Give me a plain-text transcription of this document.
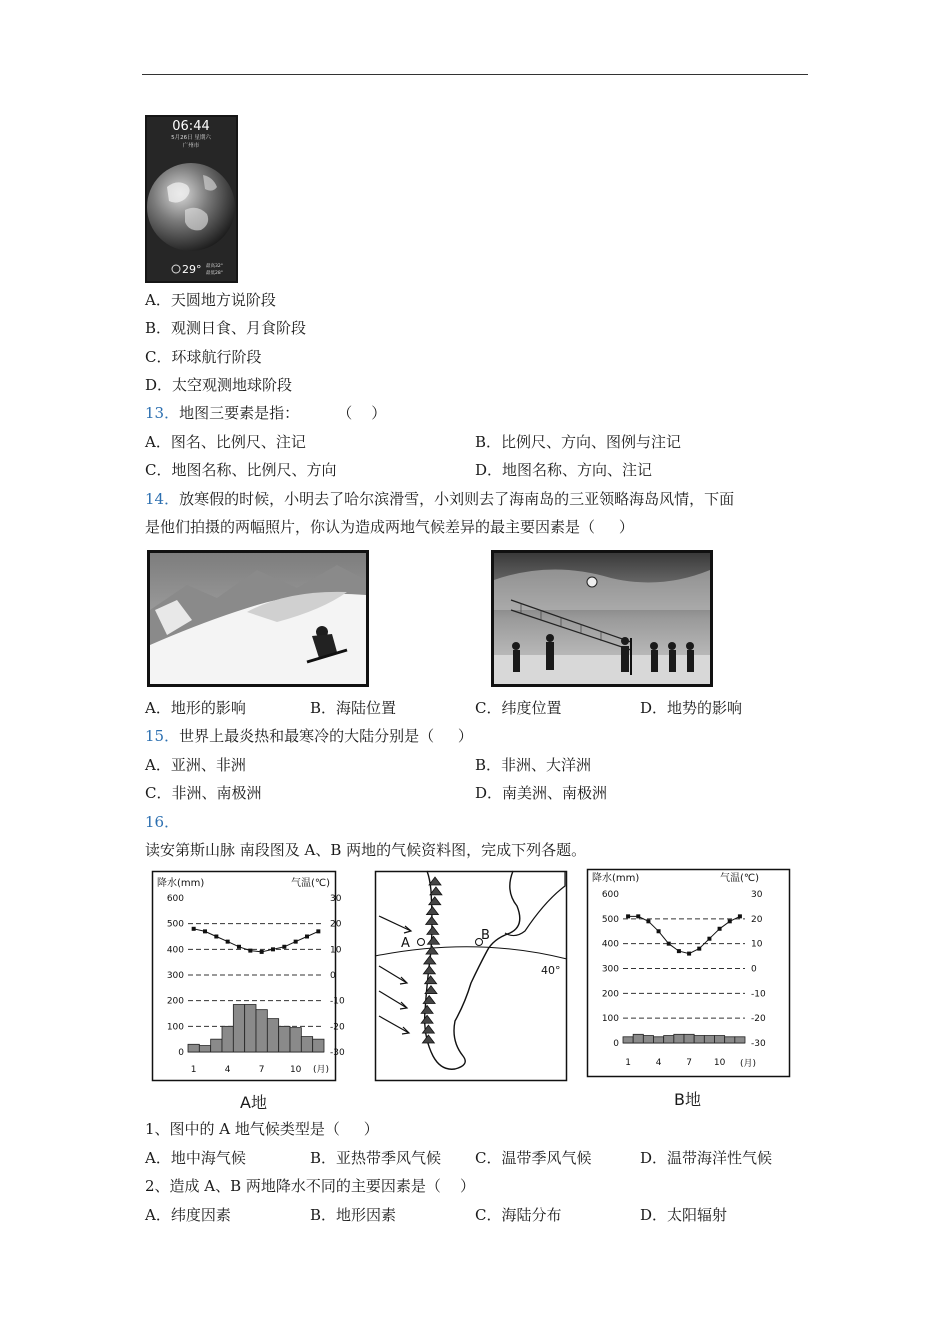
06:44
5月26日 星期六
广州市
29° 最高32°
最低28°
A．天圆地方说阶段
B．观测日食、月食阶段
C．环球航行阶段
D．太空观测地球阶段
13．地图三要素是指：        （    ）
A．图名、比例尺、注记	B．比例尺、方向、图例与注记
C．地图名称、比例尺、方向	D．地图名称、方向、注记
14．放寒假的时候，小明去了哈尔滨滑雪，小刘则去了海南岛的三亚领略海岛风情，下面
是他们拍摄的两幅照片，你认为造成两地气候差异的最主要因素是（     ）
A．地形的影响	B．海陆位置	C．纬度位置	D．地势的影响
15．世界上最炎热和最寒冷的大陆分别是（     ）
A．亚洲、非洲	B．非洲、大洋洲
C．非洲、南极洲	D．南美洲、南极洲
16．
读安第斯山脉 南段图及 A、B 两地的气候资料图，完成下列各题。
降水(mm)	气温(℃)
600
500
400
300
200
100
0
30
20
10
0
-10
-20
-30
1	4	7	10 (月)
A地
A
B
40°
降水(mm)	气温(℃)
600
500
400
300
200
100
0
30
20
10
0
-10
-20
-30
1	4	7 10 (月)
B地
1、图中的 A 地气候类型是（     ）
A．地中海气候	B．亚热带季风气候 C．温带季风气候	D．温带海洋性气候
2、造成 A、B 两地降水不同的主要因素是（    ）
A．纬度因素	B．地形因素	C．海陆分布	D．太阳辐射
